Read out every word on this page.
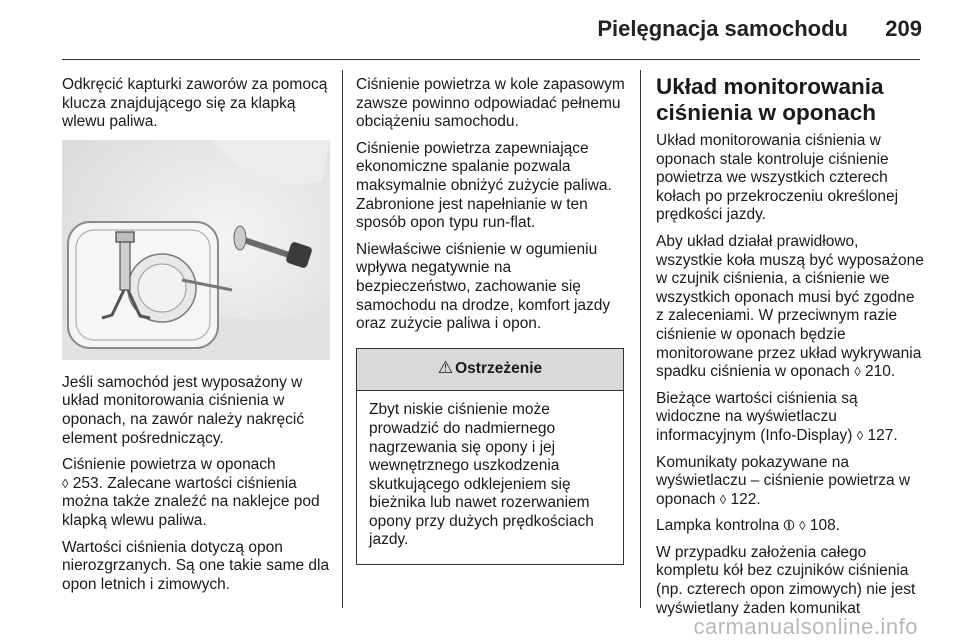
Pielęgnacja samochodu 209

Odkręcić kapturki zaworów za pomocą klucza znajdującego się za klapką wlewu paliwa.

Jeśli samochód jest wyposażony w układ monitorowania ciśnienia w oponach, na zawór należy nakręcić element pośredniczący.

Ciśnienie powietrza w oponach
◊ 253. Zalecane wartości ciśnienia można także znaleźć na naklejce pod klapką wlewu paliwa.

Wartości ciśnienia dotyczą opon nierozgrzanych. Są one takie same dla opon letnich i zimowych.

Ciśnienie powietrza w kole zapasowym zawsze powinno odpowiadać pełnemu obciążeniu samochodu.

Ciśnienie powietrza zapewniające ekonomiczne spalanie pozwala maksymalnie obniżyć zużycie paliwa. Zabronione jest napełnianie w ten sposób opon typu run-flat.

Niewłaściwe ciśnienie w ogumieniu wpływa negatywnie na bezpieczeństwo, zachowanie się samochodu na drodze, komfort jazdy oraz zużycie paliwa i opon.

⚠ Ostrzeżenie
Zbyt niskie ciśnienie może prowadzić do nadmiernego nagrzewania się opony i jej wewnętrznego uszkodzenia skutkującego odklejeniem się bieżnika lub nawet rozerwaniem opony przy dużych prędkościach jazdy.
Układ monitorowania ciśnienia w oponach

Układ monitorowania ciśnienia w oponach stale kontroluje ciśnienie powietrza we wszystkich czterech kołach po przekroczeniu określonej prędkości jazdy.

Aby układ działał prawidłowo, wszystkie koła muszą być wyposażone w czujnik ciśnienia, a ciśnienie we wszystkich oponach musi być zgodne z zaleceniami. W przeciwnym razie ciśnienie w oponach będzie monitorowane przez układ wykrywania spadku ciśnienia w oponach ◊ 210.

Bieżące wartości ciśnienia są widoczne na wyświetlaczu informacyjnym (Info-Display) ◊ 127.

Komunikaty pokazywane na wyświetlaczu – ciśnienie powietrza w oponach ◊ 122.

Lampka kontrolna ⦶ ◊ 108.

W przypadku założenia całego kompletu kół bez czujników ciśnienia (np. czterech opon zimowych) nie jest wyświetlany żaden komunikat

carmanualsonline.info
